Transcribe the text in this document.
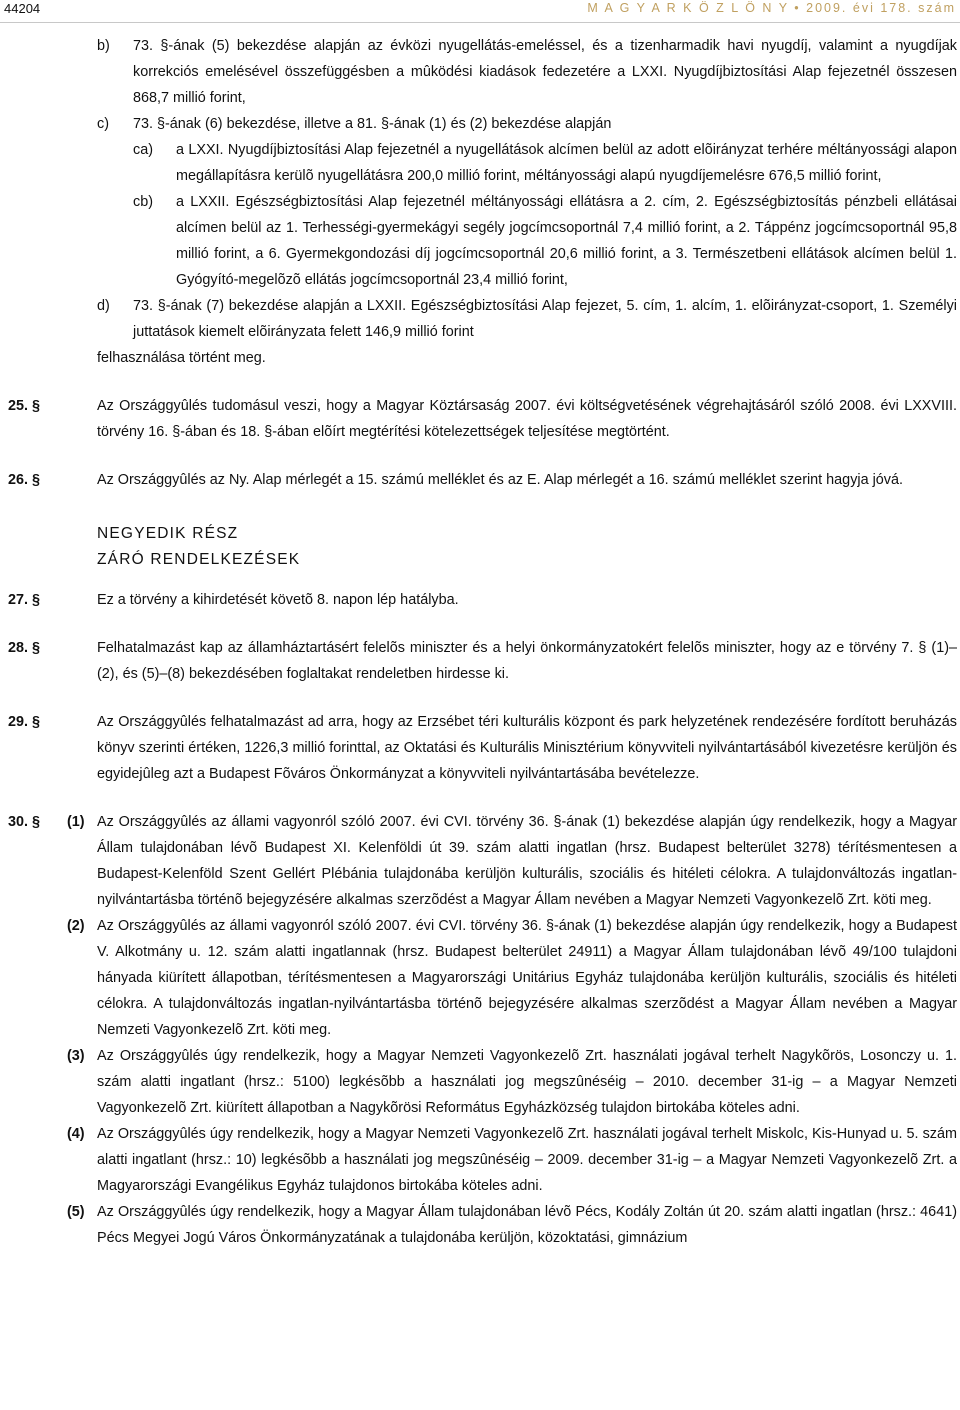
44204	M A G Y A R K Ö Z L Ö N Y • 2009. évi 178. szám
b) 73. §-ának (5) bekezdése alapján az évközi nyugellátás-emeléssel, és a tizenharmadik havi nyugdíj, valamint a nyugdíjak korrekciós emelésével összefüggésben a mûködési kiadások fedezetére a LXXI. Nyugdíjbiztosítási Alap fejezetnél összesen 868,7 millió forint,
c) 73. §-ának (6) bekezdése, illetve a 81. §-ának (1) és (2) bekezdése alapján
ca) a LXXI. Nyugdíjbiztosítási Alap fejezetnél a nyugellátások alcímen belül az adott elõirányzat terhére méltányossági alapon megállapításra kerülõ nyugellátásra 200,0 millió forint, méltányossági alapú nyugdíjemelésre 676,5 millió forint,
cb) a LXXII. Egészségbiztosítási Alap fejezetnél méltányossági ellátásra a 2. cím, 2. Egészségbiztosítás pénzbeli ellátásai alcímen belül az 1. Terhességi-gyermekágyi segély jogcímcsoportnál 7,4 millió forint, a 2. Táppénz jogcímcsoportnál 95,8 millió forint, a 6. Gyermekgondozási díj jogcímcsoportnál 20,6 millió forint, a 3. Természetbeni ellátások alcímen belül 1. Gyógyító-megelõzõ ellátás jogcímcsoportnál 23,4 millió forint,
d) 73. §-ának (7) bekezdése alapján a LXXII. Egészségbiztosítási Alap fejezet, 5. cím, 1. alcím, 1. elõirányzat-csoport, 1. Személyi juttatások kiemelt elõirányzata felett 146,9 millió forint
felhasználása történt meg.
25. §	Az Országgyûlés tudomásul veszi, hogy a Magyar Köztársaság 2007. évi költségvetésének végrehajtásáról szóló 2008. évi LXXVIII. törvény 16. §-ában és 18. §-ában elõírt megtérítési kötelezettségek teljesítése megtörtént.
26. §	Az Országgyûlés az Ny. Alap mérlegét a 15. számú melléklet és az E. Alap mérlegét a 16. számú melléklet szerint hagyja jóvá.
NEGYEDIK RÉSZ
ZÁRÓ RENDELKEZÉSEK
27. §	Ez a törvény a kihirdetését követõ 8. napon lép hatályba.
28. §	Felhatalmazást kap az államháztartásért felelõs miniszter és a helyi önkormányzatokért felelõs miniszter, hogy az e törvény 7. § (1)–(2), és (5)–(8) bekezdésében foglaltakat rendeletben hirdesse ki.
29. §	Az Országgyûlés felhatalmazást ad arra, hogy az Erzsébet téri kulturális központ és park helyzetének rendezésére fordított beruházás könyv szerinti értéken, 1226,3 millió forinttal, az Oktatási és Kulturális Minisztérium könyvviteli nyilvántartásából kivezetésre kerüljön és egyidejûleg azt a Budapest Fõváros Önkormányzat a könyvviteli nyilvántartásába bevételezze.
30. § (1) Az Országgyûlés az állami vagyonról szóló 2007. évi CVI. törvény 36. §-ának (1) bekezdése alapján úgy rendelkezik, hogy a Magyar Állam tulajdonában lévõ Budapest XI. Kelenföldi út 39. szám alatti ingatlan (hrsz. Budapest belterület 3278) térítésmentesen a Budapest-Kelenföld Szent Gellért Plébánia tulajdonába kerüljön kulturális, szociális és hitéleti célokra. A tulajdonváltozás ingatlan-nyilvántartásba történõ bejegyzésére alkalmas szerzõdést a Magyar Állam nevében a Magyar Nemzeti Vagyonkezelõ Zrt. köti meg.
(2) Az Országgyûlés az állami vagyonról szóló 2007. évi CVI. törvény 36. §-ának (1) bekezdése alapján úgy rendelkezik, hogy a Budapest V. Alkotmány u. 12. szám alatti ingatlannak (hrsz. Budapest belterület 24911) a Magyar Állam tulajdonában lévõ 49/100 tulajdoni hányada kiürített állapotban, térítésmentesen a Magyarországi Unitárius Egyház tulajdonába kerüljön kulturális, szociális és hitéleti célokra. A tulajdonváltozás ingatlan-nyilvántartásba történõ bejegyzésére alkalmas szerzõdést a Magyar Állam nevében a Magyar Nemzeti Vagyonkezelõ Zrt. köti meg.
(3) Az Országgyûlés úgy rendelkezik, hogy a Magyar Nemzeti Vagyonkezelõ Zrt. használati jogával terhelt Nagykõrös, Losonczy u. 1. szám alatti ingatlant (hrsz.: 5100) legkésõbb a használati jog megszûnéséig – 2010. december 31-ig – a Magyar Nemzeti Vagyonkezelõ Zrt. kiürített állapotban a Nagykõrösi Református Egyházközség tulajdon birtokába köteles adni.
(4) Az Országgyûlés úgy rendelkezik, hogy a Magyar Nemzeti Vagyonkezelõ Zrt. használati jogával terhelt Miskolc, Kis-Hunyad u. 5. szám alatti ingatlant (hrsz.: 10) legkésõbb a használati jog megszûnéséig – 2009. december 31-ig – a Magyar Nemzeti Vagyonkezelõ Zrt. a Magyarországi Evangélikus Egyház tulajdonos birtokába köteles adni.
(5) Az Országgyûlés úgy rendelkezik, hogy a Magyar Állam tulajdonában lévõ Pécs, Kodály Zoltán út 20. szám alatti ingatlan (hrsz.: 4641) Pécs Megyei Jogú Város Önkormányzatának a tulajdonába kerüljön, közoktatási, gimnázium
